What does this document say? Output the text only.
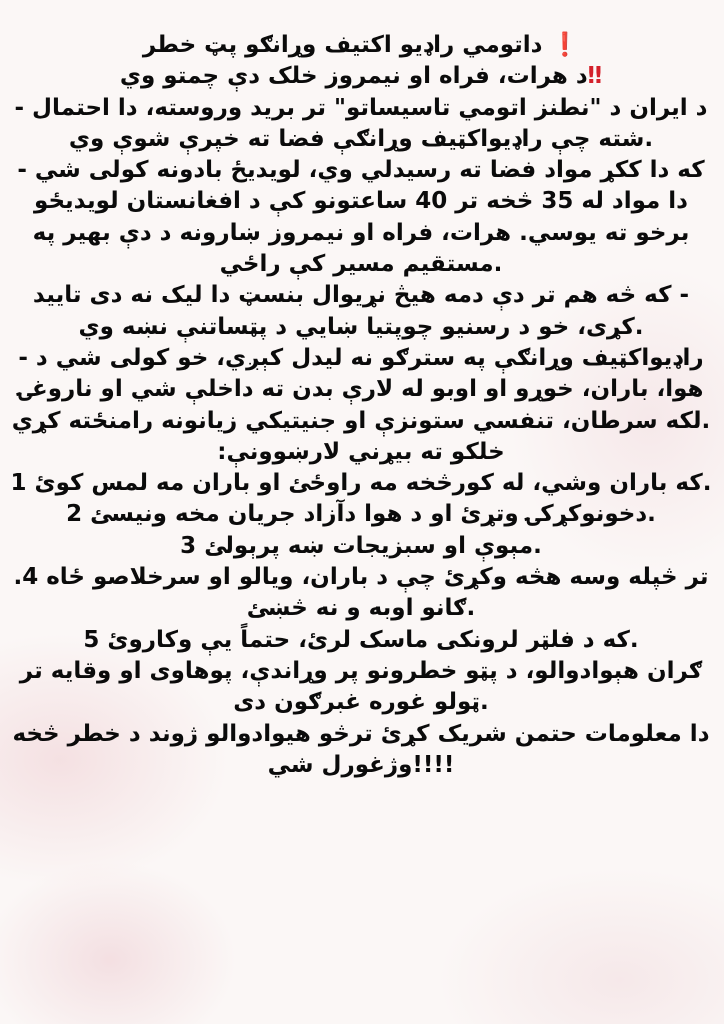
❗ داتومي راډيو اکتيف وړانګو پټ خطر
‼د هرات، فراه او نيمروز خلک دې چمتو وي
د ايران د "نطنز اتومي تاسيساتو" تر بريد وروسته، دا احتمال -
.شته چې راډيواکټيف وړانګې فضا ته خپرې شوې وي
که دا ککړ مواد فضا ته رسيدلي وي، لويديځ بادونه کولی شي -
دا مواد له 35 څخه تر 40 ساعتونو کې د افغانستان لويديځو
برخو ته يوسي. هرات، فراه او نيمروز ښارونه د دې بهير په
.مستقيم مسير کې راځي
- که څه هم تر دې دمه هيڅ نړيوال بنسټ دا ليک نه دی تاييد
.کړی، خو د رسنيو چوپتيا ښايي د پټساتنې نښه وي
راډيواکټيف وړانګې په سترګو نه ليدل کېږي، خو کولی شي د -
هوا، باران، خوړو او اوبو له لارې بدن ته داخلې شي او ناروغۍ
.لکه سرطان، تنفسي ستونزې او جنيتيکي زيانونه رامنځته کړي
خلکو ته بيړني لارښوونې:
.که باران وشي، له کورڅخه مه راوځئ او باران مه لمس کوئ 1
.دخونوکړکۍ وتړئ او د هوا دآزاد جريان مخه ونيسئ 2
.مېوې او سبزيجات ښه پرېولئ 3
تر څپله وسه هڅه وکړئ چې د باران، ويالو او سرخلاصو ځاه 4.
.ګانو اوبه و نه څښئ
.که د فلټر لرونکی ماسک لرئ، حتماً يې وکاروئ 5
ګران هېوادوالو، د پټو خطرونو پر وړاندې، پوهاوی او وقايه تر
.ټولو غوره غبرګون دی
دا معلومات حتمن شريک کړئ ترڅو هيوادوالو ژوند د خطر څخه
!!!!وژغورل شي
